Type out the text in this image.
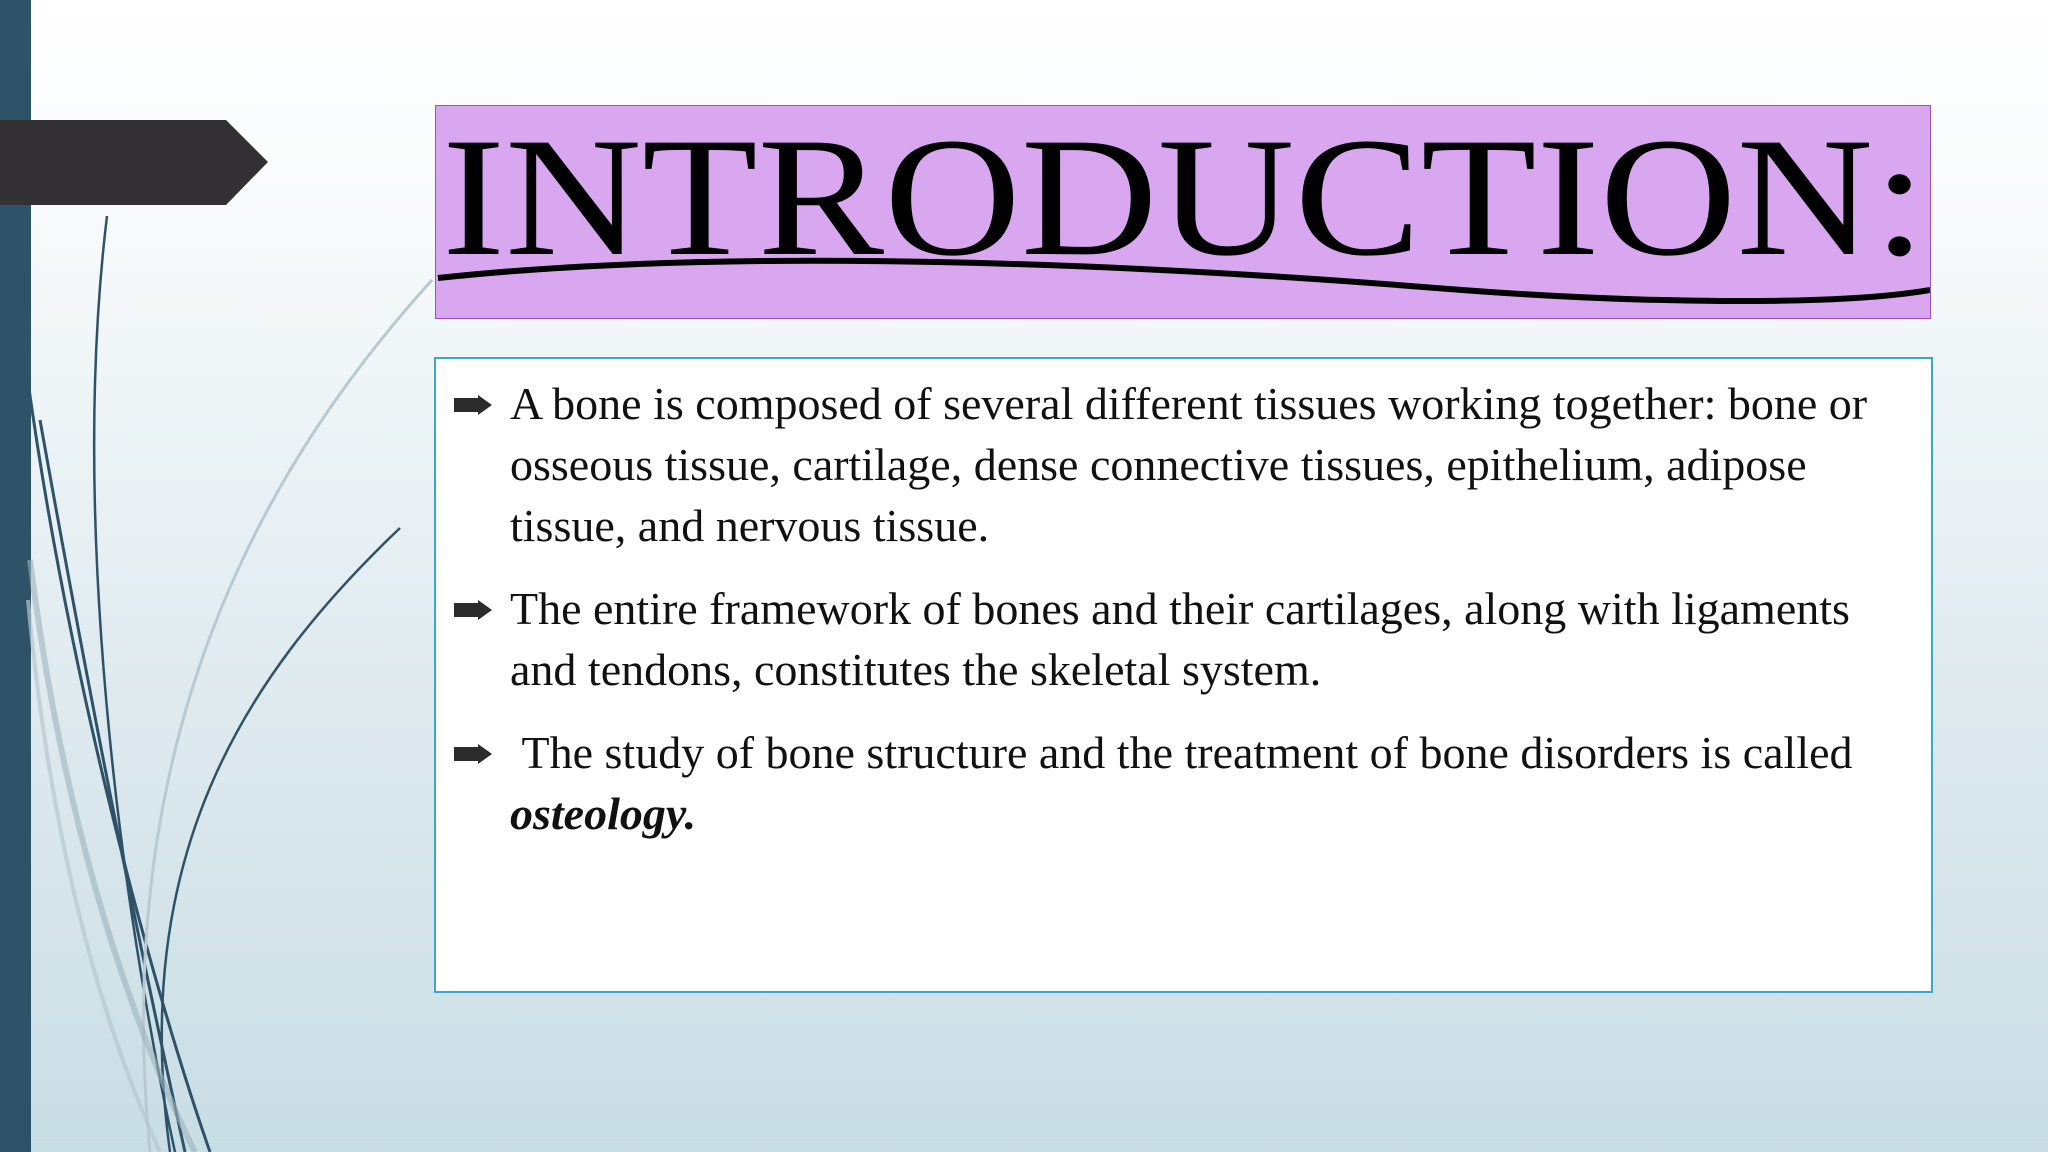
INTRODUCTION:
A bone is composed of several different tissues working together: bone or osseous tissue, cartilage, dense connective tissues, epithelium, adipose tissue, and nervous tissue.
The entire framework of bones and their cartilages, along with ligaments and tendons, constitutes the skeletal system.
The study of bone structure and the treatment of bone disorders is called osteology.
